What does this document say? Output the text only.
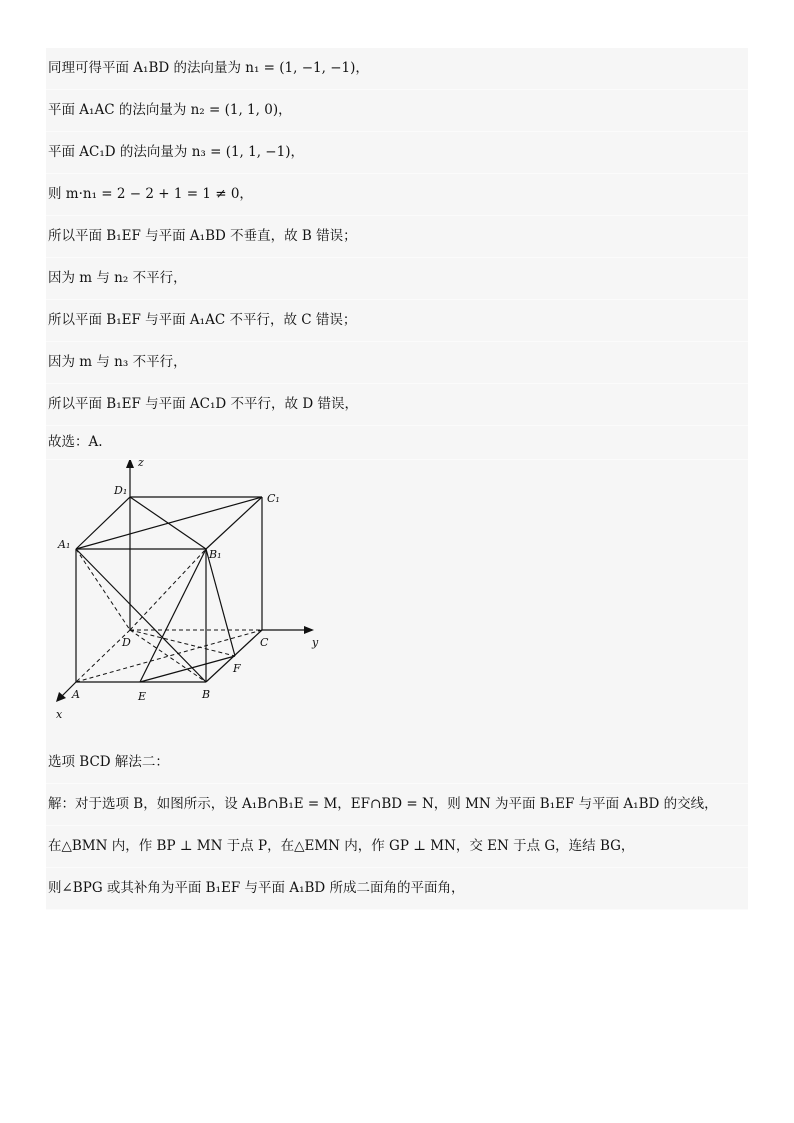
同理可得平面 A₁BD 的法向量为 n₁ = (1, −1, −1)，
平面 A₁AC 的法向量为 n₂ = (1, 1, 0)，
平面 AC₁D 的法向量为 n₃ = (1, 1, −1)，
则 m·n₁ = 2 − 2 + 1 = 1 ≠ 0，
所以平面 B₁EF 与平面 A₁BD 不垂直，故 B 错误；
因为 m 与 n₂ 不平行，
所以平面 B₁EF 与平面 A₁AC 不平行，故 C 错误；
因为 m 与 n₃ 不平行，
所以平面 B₁EF 与平面 AC₁D 不平行，故 D 错误，
故选：A.
z
y
x
D₁
C₁
A₁
B₁
D	C
F
A	E	B
选项 BCD 解法二：
解：对于选项 B，如图所示，设 A₁B∩B₁E = M，EF∩BD = N，则 MN 为平面 B₁EF 与平面 A₁BD 的交线，
在△BMN 内，作 BP ⊥ MN 于点 P，在△EMN 内，作 GP ⊥ MN，交 EN 于点 G，连结 BG，
则∠BPG 或其补角为平面 B₁EF 与平面 A₁BD 所成二面角的平面角，
